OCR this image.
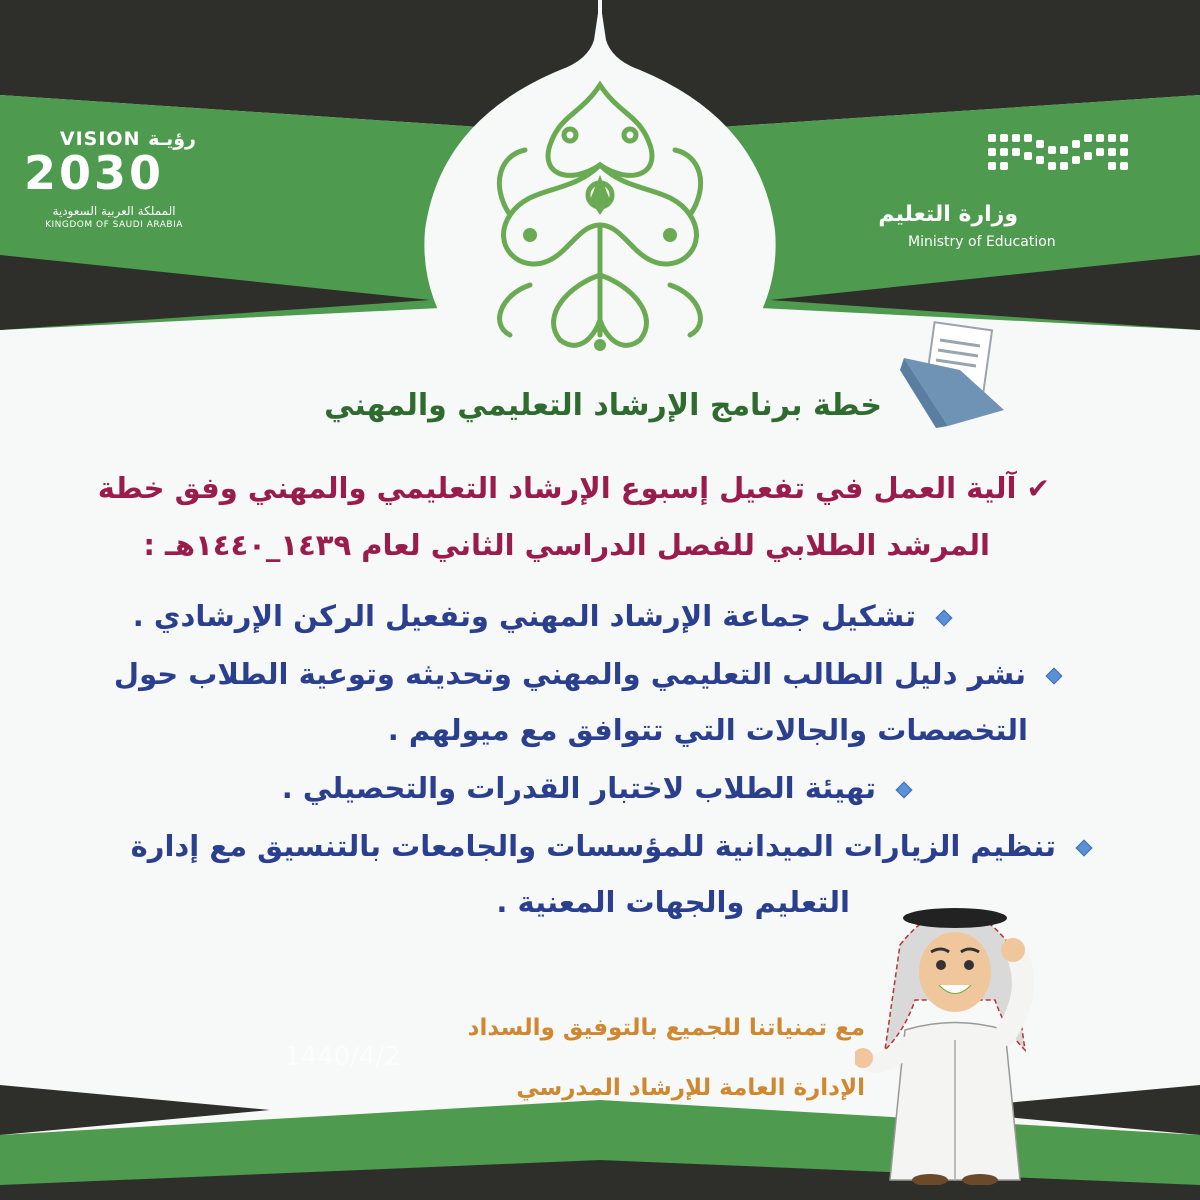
VISION رؤيـة
2030
المملكة العربية السعودية
KINGDOM OF SAUDI ARABIA	وزارة التعليم
Ministry of Education
خطة برنامج الإرشاد التعليمي والمهني
✔ آلية العمل في تفعيل إسبوع الإرشاد التعليمي والمهني وفق خطة
المرشد الطلابي للفصل الدراسي الثاني لعام ١٤٣٩_١٤٤٠هـ :
تشكيل جماعة الإرشاد المهني وتفعيل الركن الإرشادي .
نشر دليل الطالب التعليمي والمهني وتحديثه وتوعية الطلاب حول
التخصصات والجالات التي تتوافق مع ميولهم .
تهيئة الطلاب لاختبار القدرات والتحصيلي .
تنظيم الزيارات الميدانية للمؤسسات والجامعات بالتنسيق مع إدارة
التعليم والجهات المعنية .
مع تمنياتنا للجميع بالتوفيق والسداد
الإدارة العامة للإرشاد المدرسي
1440/4/2
